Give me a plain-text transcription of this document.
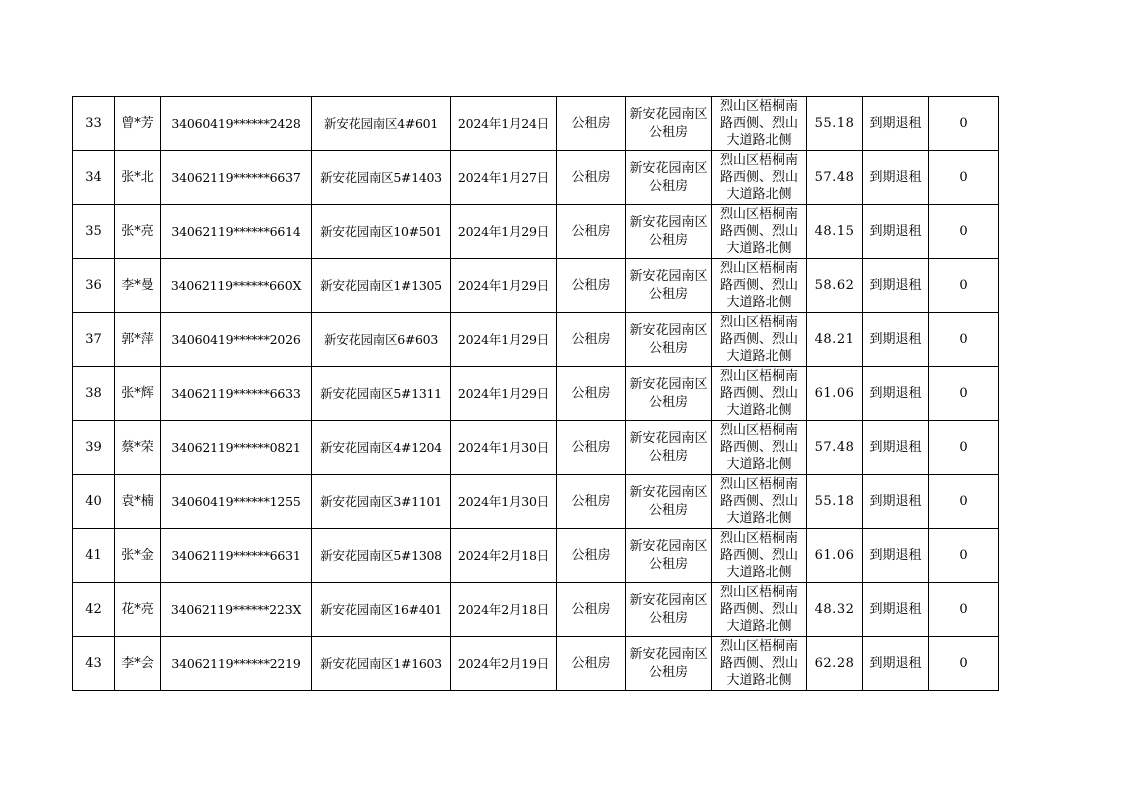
33	曾*芳	34060419******2428	新安花园南区4#601	2024年1月24日	公租房	新安花园南区公租房	烈山区梧桐南路西侧、烈山大道路北侧	55.18	到期退租	0
34	张*北	34062119******6637	新安花园南区5#1403	2024年1月27日	公租房	新安花园南区公租房	烈山区梧桐南路西侧、烈山大道路北侧	57.48	到期退租	0
35	张*亮	34062119******6614	新安花园南区10#501	2024年1月29日	公租房	新安花园南区公租房	烈山区梧桐南路西侧、烈山大道路北侧	48.15	到期退租	0
36	李*曼	34062119******660X	新安花园南区1#1305	2024年1月29日	公租房	新安花园南区公租房	烈山区梧桐南路西侧、烈山大道路北侧	58.62	到期退租	0
37	郭*萍	34060419******2026	新安花园南区6#603	2024年1月29日	公租房	新安花园南区公租房	烈山区梧桐南路西侧、烈山大道路北侧	48.21	到期退租	0
38	张*辉	34062119******6633	新安花园南区5#1311	2024年1月29日	公租房	新安花园南区公租房	烈山区梧桐南路西侧、烈山大道路北侧	61.06	到期退租	0
39	蔡*荣	34062119******0821	新安花园南区4#1204	2024年1月30日	公租房	新安花园南区公租房	烈山区梧桐南路西侧、烈山大道路北侧	57.48	到期退租	0
40	袁*楠	34060419******1255	新安花园南区3#1101	2024年1月30日	公租房	新安花园南区公租房	烈山区梧桐南路西侧、烈山大道路北侧	55.18	到期退租	0
41	张*金	34062119******6631	新安花园南区5#1308	2024年2月18日	公租房	新安花园南区公租房	烈山区梧桐南路西侧、烈山大道路北侧	61.06	到期退租	0
42	花*亮	34062119******223X	新安花园南区16#401	2024年2月18日	公租房	新安花园南区公租房	烈山区梧桐南路西侧、烈山大道路北侧	48.32	到期退租	0
43	李*会	34062119******2219	新安花园南区1#1603	2024年2月19日	公租房	新安花园南区公租房	烈山区梧桐南路西侧、烈山大道路北侧	62.28	到期退租	0
